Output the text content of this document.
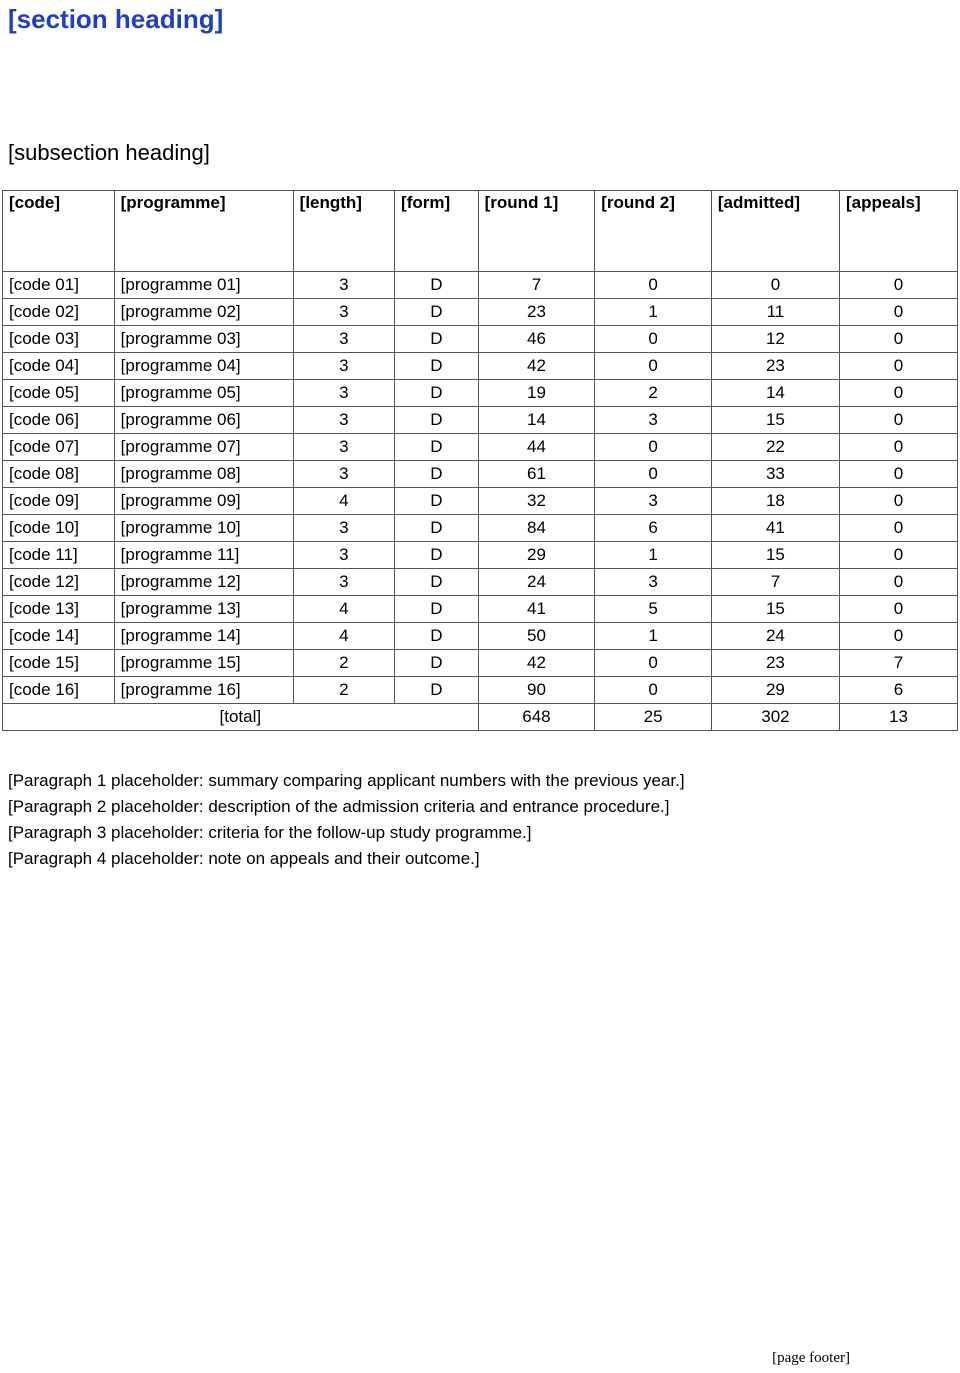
[section heading]
[subsection heading]
[code]	[programme]	[length]	[form]	[round 1]	[round 2]	[admitted]	[appeals]
[code 01]	[programme 01]	3	D	7	0	0	0
[code 02]	[programme 02]	3	D	23	1	11	0
[code 03]	[programme 03]	3	D	46	0	12	0
[code 04]	[programme 04]	3	D	42	0	23	0
[code 05]	[programme 05]	3	D	19	2	14	0
[code 06]	[programme 06]	3	D	14	3	15	0
[code 07]	[programme 07]	3	D	44	0	22	0
[code 08]	[programme 08]	3	D	61	0	33	0
[code 09]	[programme 09]	4	D	32	3	18	0
[code 10]	[programme 10]	3	D	84	6	41	0
[code 11]	[programme 11]	3	D	29	1	15	0
[code 12]	[programme 12]	3	D	24	3	7	0
[code 13]	[programme 13]	4	D	41	5	15	0
[code 14]	[programme 14]	4	D	50	1	24	0
[code 15]	[programme 15]	2	D	42	0	23	7
[code 16]	[programme 16]	2	D	90	0	29	6
[total]				648	25	302	13

[Paragraph 1 placeholder: summary comparing applicant numbers with the previous year.]

[Paragraph 2 placeholder: description of the admission criteria and entrance procedure.]

[Paragraph 3 placeholder: criteria for the follow-up study programme.]

[Paragraph 4 placeholder: note on appeals and their outcome.]

[page footer]
